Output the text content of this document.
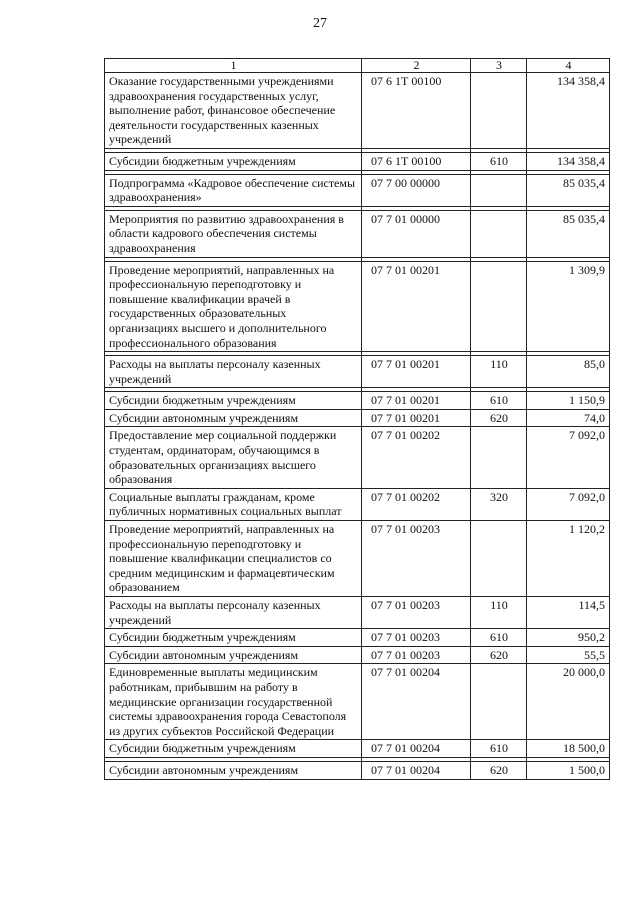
27
1	2	3	4
Оказание государственными учреждениями здравоохранения государственных услуг, выполнение работ, финансовое обеспечение деятельности государственных казенных учреждений	07 6 1Т 00100		134 358,4

Субсидии бюджетным учреждениям	07 6 1Т 00100	610	134 358,4

Подпрограмма «Кадровое обеспечение системы здравоохранения»	07 7 00 00000		85 035,4

Мероприятия по развитию здравоохранения в области кадрового обеспечения системы здравоохранения	07 7 01 00000		85 035,4

Проведение мероприятий, направленных на профессиональную переподготовку и повышение квалификации врачей в государственных образовательных организациях высшего и дополнительного профессионального образования	07 7 01 00201		1 309,9

Расходы на выплаты персоналу казенных учреждений	07 7 01 00201	110	85,0

Субсидии бюджетным учреждениям	07 7 01 00201	610	1 150,9
Субсидии автономным учреждениям	07 7 01 00201	620	74,0
Предоставление мер социальной поддержки студентам, ординаторам, обучающимся в образовательных организациях высшего образования	07 7 01 00202		7 092,0
Социальные выплаты гражданам, кроме публичных нормативных социальных выплат	07 7 01 00202	320	7 092,0
Проведение мероприятий, направленных на профессиональную переподготовку и повышение квалификации специалистов со средним медицинским и фармацевтическим образованием	07 7 01 00203		1 120,2
Расходы на выплаты персоналу казенных учреждений	07 7 01 00203	110	114,5
Субсидии бюджетным учреждениям	07 7 01 00203	610	950,2
Субсидии автономным учреждениям	07 7 01 00203	620	55,5
Единовременные выплаты медицинским работникам, прибывшим на работу в медицинские организации государственной системы здравоохранения города Севастополя из других субъектов Российской Федерации	07 7 01 00204		20 000,0
Субсидии бюджетным учреждениям	07 7 01 00204	610	18 500,0

Субсидии автономным учреждениям	07 7 01 00204	620	1 500,0
